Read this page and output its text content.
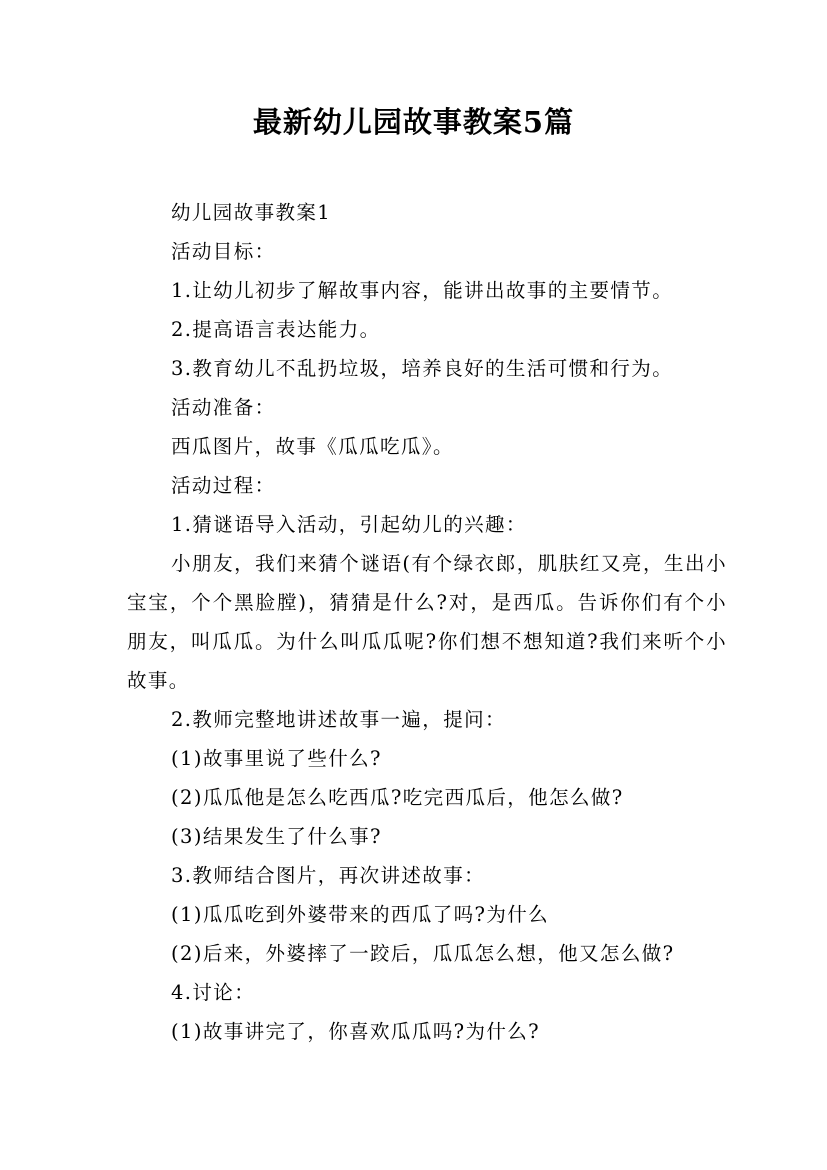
最新幼儿园故事教案5篇
幼儿园故事教案1
活动目标：
1.让幼儿初步了解故事内容，能讲出故事的主要情节。
2.提高语言表达能力。
3.教育幼儿不乱扔垃圾，培养良好的生活可惯和行为。
活动准备：
西瓜图片，故事《瓜瓜吃瓜》。
活动过程：
1.猜谜语导入活动，引起幼儿的兴趣：

小朋友，我们来猜个谜语(有个绿衣郎，肌肤红又亮，生出小宝宝，个个黑脸膛)，猜猜是什么?对，是西瓜。告诉你们有个小朋友，叫瓜瓜。为什么叫瓜瓜呢?你们想不想知道?我们来听个小故事。

2.教师完整地讲述故事一遍，提问：
(1)故事里说了些什么?
(2)瓜瓜他是怎么吃西瓜?吃完西瓜后，他怎么做?
(3)结果发生了什么事?
3.教师结合图片，再次讲述故事：
(1)瓜瓜吃到外婆带来的西瓜了吗?为什么
(2)后来，外婆摔了一跤后，瓜瓜怎么想，他又怎么做?
4.讨论：
(1)故事讲完了，你喜欢瓜瓜吗?为什么?
